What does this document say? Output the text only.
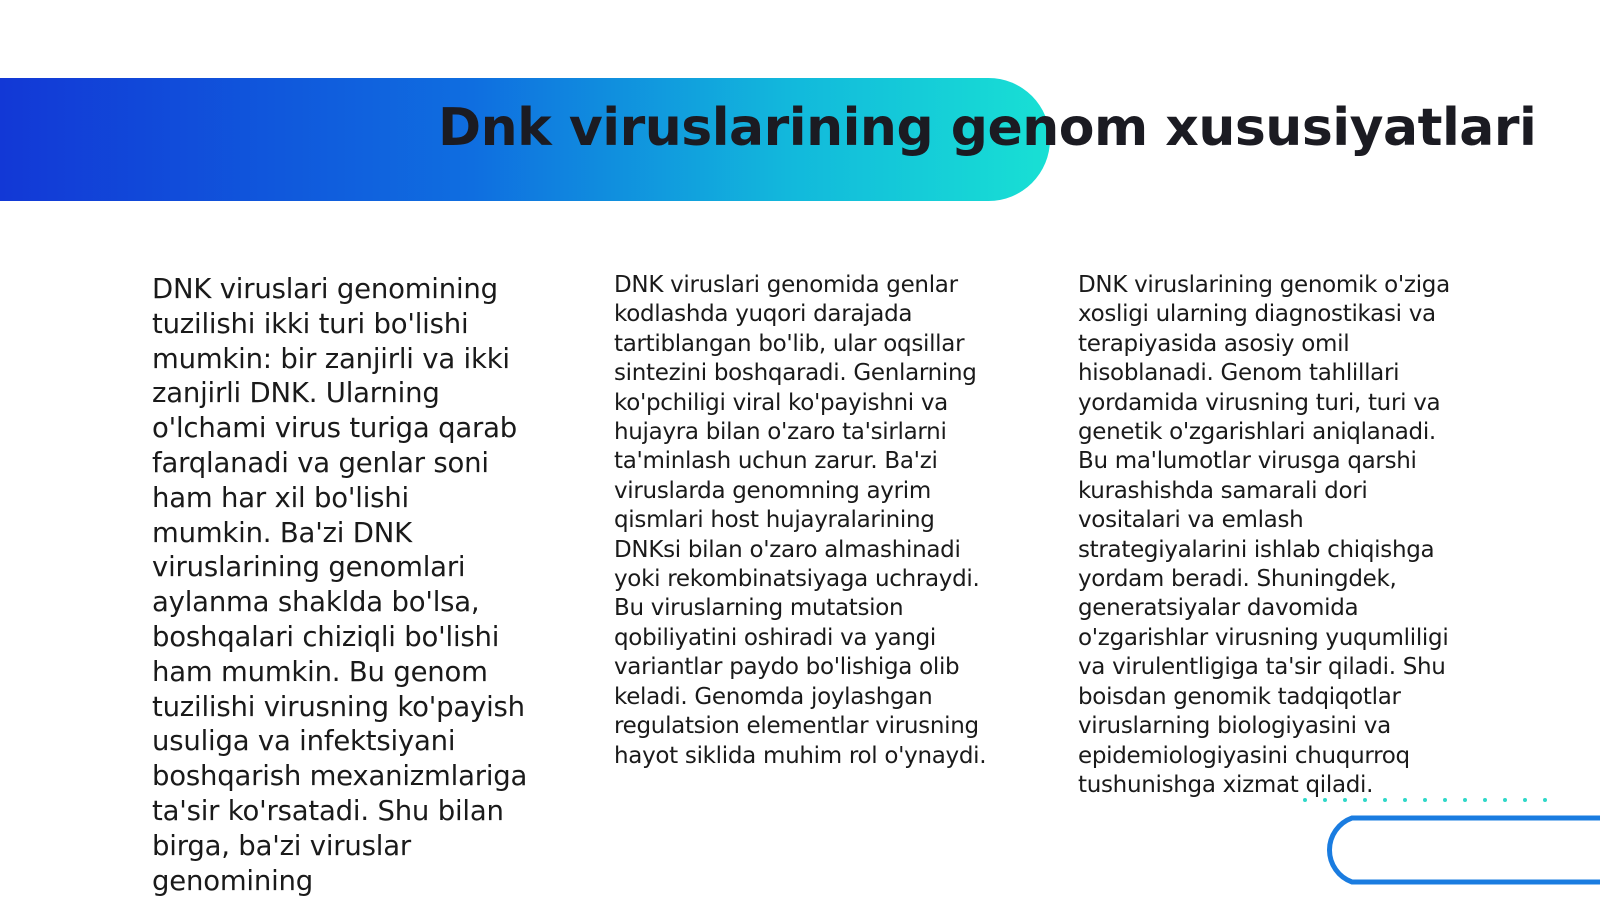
Dnk viruslarining genom xususiyatlari

DNK viruslari genomining tuzilishi ikki turi bo'lishi mumkin: bir zanjirli va ikki zanjirli DNK. Ularning o'lchami virus turiga qarab farqlanadi va genlar soni ham har xil bo'lishi mumkin. Ba'zi DNK viruslarining genomlari aylanma shaklda bo'lsa, boshqalari chiziqli bo'lishi ham mumkin. Bu genom tuzilishi virusning ko'payish usuliga va infektsiyani boshqarish mexanizmlariga ta'sir ko'rsatadi. Shu bilan birga, ba'zi viruslar genomining

DNK viruslari genomida genlar kodlashda yuqori darajada tartiblangan bo'lib, ular oqsillar sintezini boshqaradi. Genlarning ko'pchiligi viral ko'payishni va hujayra bilan o'zaro ta'sirlarni ta'minlash uchun zarur. Ba'zi viruslarda genomning ayrim qismlari host hujayralarining DNKsi bilan o'zaro almashinadi yoki rekombinatsiyaga uchraydi. Bu viruslarning mutatsion qobiliyatini oshiradi va yangi variantlar paydo bo'lishiga olib keladi. Genomda joylashgan regulatsion elementlar virusning hayot siklida muhim rol o'ynaydi.

DNK viruslarining genomik o'ziga xosligi ularning diagnostikasi va terapiyasida asosiy omil hisoblanadi. Genom tahlillari yordamida virusning turi, turi va genetik o'zgarishlari aniqlanadi. Bu ma'lumotlar virusga qarshi kurashishda samarali dori vositalari va emlash strategiyalarini ishlab chiqishga yordam beradi. Shuningdek, generatsiyalar davomida o'zgarishlar virusning yuqumliligi va virulentligiga ta'sir qiladi. Shu boisdan genomik tadqiqotlar viruslarning biologiyasini va epidemiologiyasini chuqurroq tushunishga xizmat qiladi.
